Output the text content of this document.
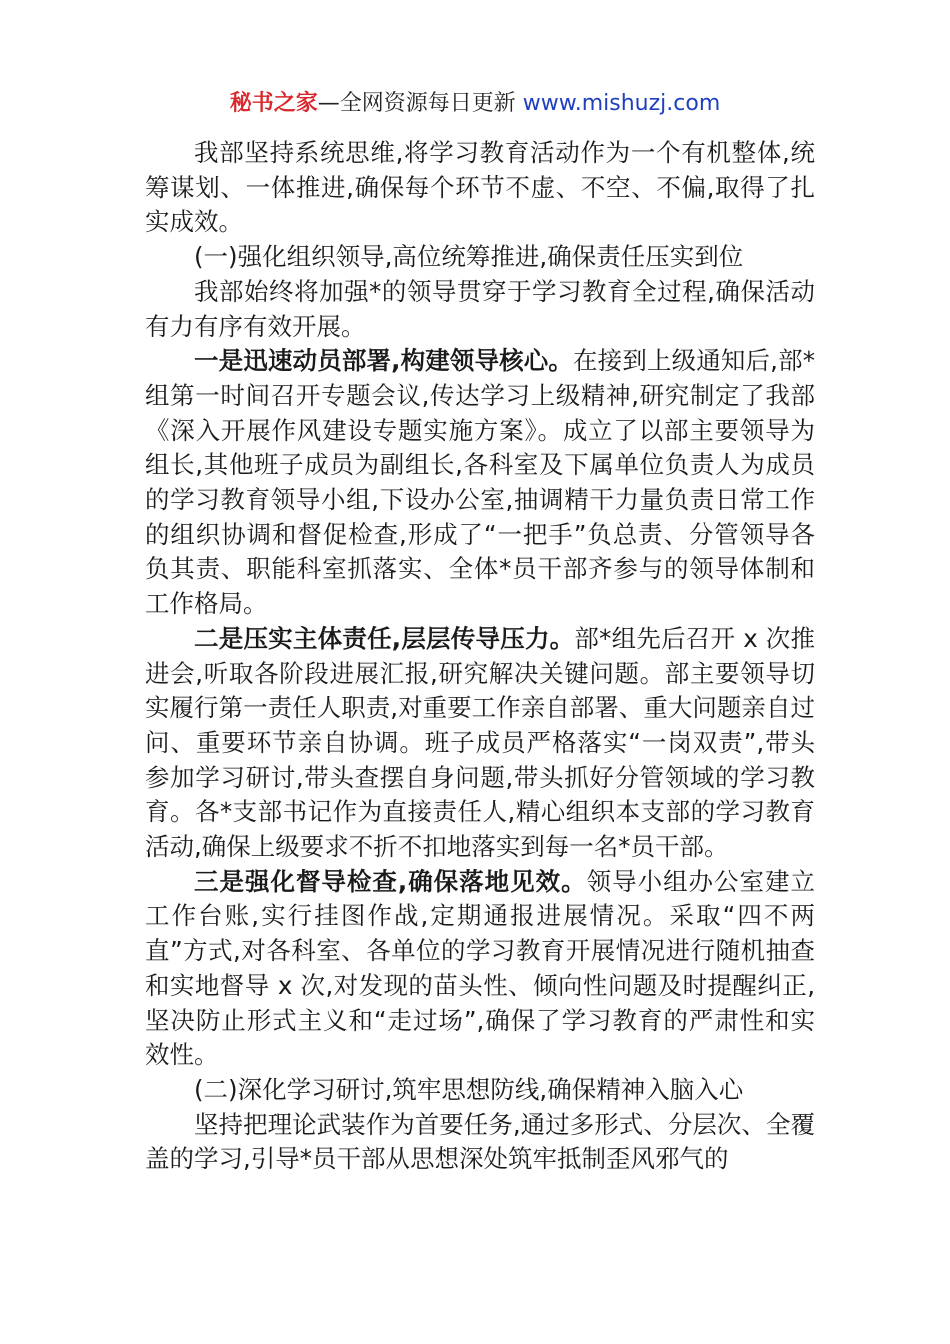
秘书之家—全网资源每日更新 www.mishuzj.com

我部坚持系统思维,将学习教育活动作为一个有机整体,统筹谋划、一体推进,确保每个环节不虚、不空、不偏,取得了扎实成效。

(一)强化组织领导,高位统筹推进,确保责任压实到位

我部始终将加强*的领导贯穿于学习教育全过程,确保活动有力有序有效开展。

一是迅速动员部署,构建领导核心。在接到上级通知后,部*组第一时间召开专题会议,传达学习上级精神,研究制定了我部《深入开展作风建设专题实施方案》。成立了以部主要领导为组长,其他班子成员为副组长,各科室及下属单位负责人为成员的学习教育领导小组,下设办公室,抽调精干力量负责日常工作的组织协调和督促检查,形成了“一把手”负总责、分管领导各负其责、职能科室抓落实、全体*员干部齐参与的领导体制和工作格局。

二是压实主体责任,层层传导压力。部*组先后召开 x 次推进会,听取各阶段进展汇报,研究解决关键问题。部主要领导切实履行第一责任人职责,对重要工作亲自部署、重大问题亲自过问、重要环节亲自协调。班子成员严格落实“一岗双责”,带头参加学习研讨,带头查摆自身问题,带头抓好分管领域的学习教育。各*支部书记作为直接责任人,精心组织本支部的学习教育活动,确保上级要求不折不扣地落实到每一名*员干部。

三是强化督导检查,确保落地见效。领导小组办公室建立工作台账,实行挂图作战,定期通报进展情况。采取“四不两直”方式,对各科室、各单位的学习教育开展情况进行随机抽查和实地督导 x 次,对发现的苗头性、倾向性问题及时提醒纠正,坚决防止形式主义和“走过场”,确保了学习教育的严肃性和实效性。

(二)深化学习研讨,筑牢思想防线,确保精神入脑入心

坚持把理论武装作为首要任务,通过多形式、分层次、全覆盖的学习,引导*员干部从思想深处筑牢抵制歪风邪气的
